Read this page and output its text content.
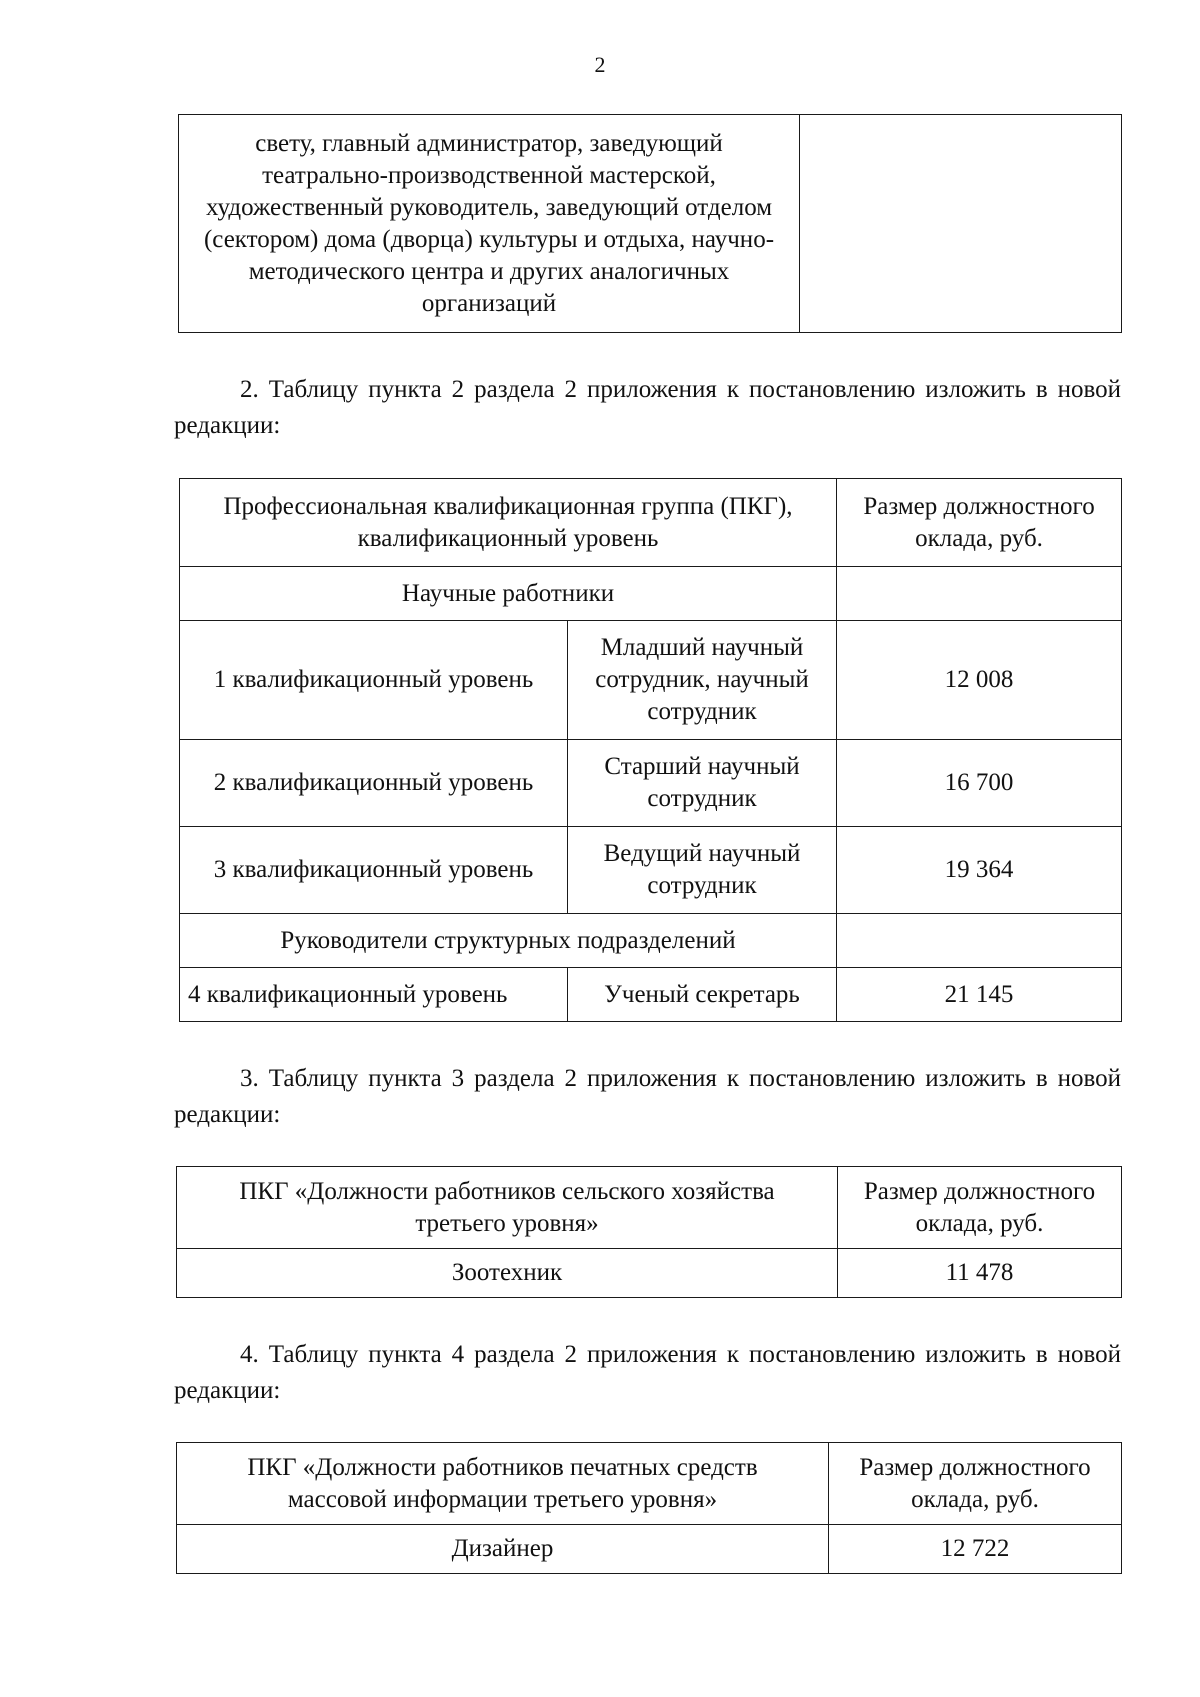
2
свету, главный администратор, заведующий театрально-производственной мастерской, художественный руководитель, заведующий отделом (сектором) дома (дворца) культуры и отдыха, научно-методического центра и других аналогичных организаций	
2. Таблицу пункта 2 раздела 2 приложения к постановлению изложить в новой редакции:
Профессиональная квалификационная группа (ПКГ), квалификационный уровень		Размер должностного оклада, руб.
Научные работники		
1 квалификационный уровень	Младший научный сотрудник, научный сотрудник	12 008
2 квалификационный уровень	Старший научный сотрудник	16 700
3 квалификационный уровень	Ведущий научный сотрудник	19 364
Руководители структурных подразделений		
4 квалификационный уровень	Ученый секретарь	21 145
3. Таблицу пункта 3 раздела 2 приложения к постановлению изложить в новой редакции:
ПКГ «Должности работников сельского хозяйства третьего уровня»	Размер должностного оклада, руб.
Зоотехник	11 478
4. Таблицу пункта 4 раздела 2 приложения к постановлению изложить в новой редакции:
ПКГ «Должности работников печатных средств массовой информации третьего уровня»	Размер должностного оклада, руб.
Дизайнер	12 722
